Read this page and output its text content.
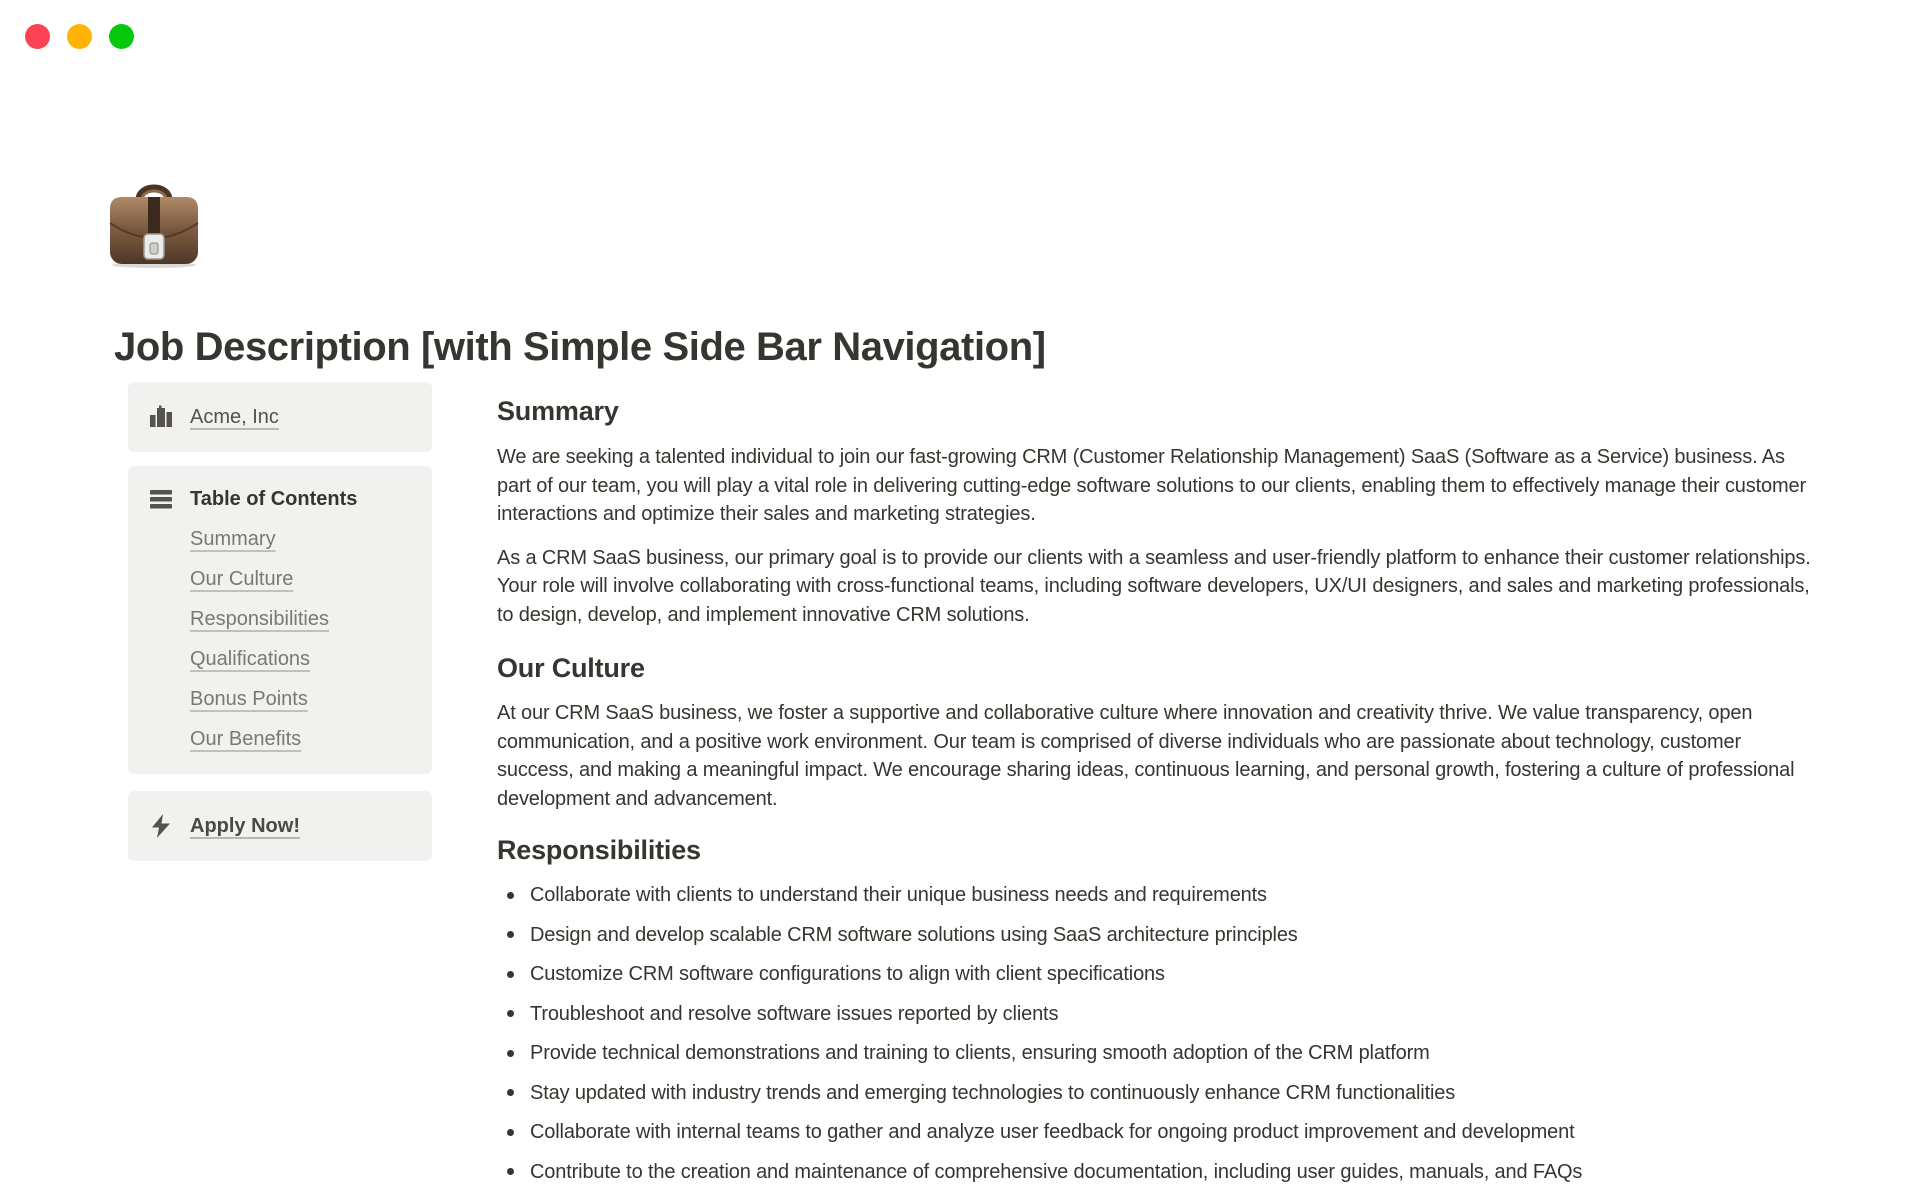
Job Description [with Simple Side Bar Navigation]
Acme, Inc
Table of Contents
Summary
Our Culture
Responsibilities
Qualifications
Bonus Points
Our Benefits
Apply Now!
Summary

We are seeking a talented individual to join our fast-growing CRM (Customer Relationship Management) SaaS (Software as a Service) business. As part of our team, you will play a vital role in delivering cutting-edge software solutions to our clients, enabling them to effectively manage their customer interactions and optimize their sales and marketing strategies.

As a CRM SaaS business, our primary goal is to provide our clients with a seamless and user-friendly platform to enhance their customer relationships. Your role will involve collaborating with cross-functional teams, including software developers, UX/UI designers, and sales and marketing professionals, to design, develop, and implement innovative CRM solutions.

Our Culture

At our CRM SaaS business, we foster a supportive and collaborative culture where innovation and creativity thrive. We value transparency, open communication, and a positive work environment. Our team is comprised of diverse individuals who are passionate about technology, customer success, and making a meaningful impact. We encourage sharing ideas, continuous learning, and personal growth, fostering a culture of professional development and advancement.

Responsibilities
Collaborate with clients to understand their unique business needs and requirements
Design and develop scalable CRM software solutions using SaaS architecture principles
Customize CRM software configurations to align with client specifications
Troubleshoot and resolve software issues reported by clients
Provide technical demonstrations and training to clients, ensuring smooth adoption of the CRM platform
Stay updated with industry trends and emerging technologies to continuously enhance CRM functionalities
Collaborate with internal teams to gather and analyze user feedback for ongoing product improvement and development
Contribute to the creation and maintenance of comprehensive documentation, including user guides, manuals, and FAQs
